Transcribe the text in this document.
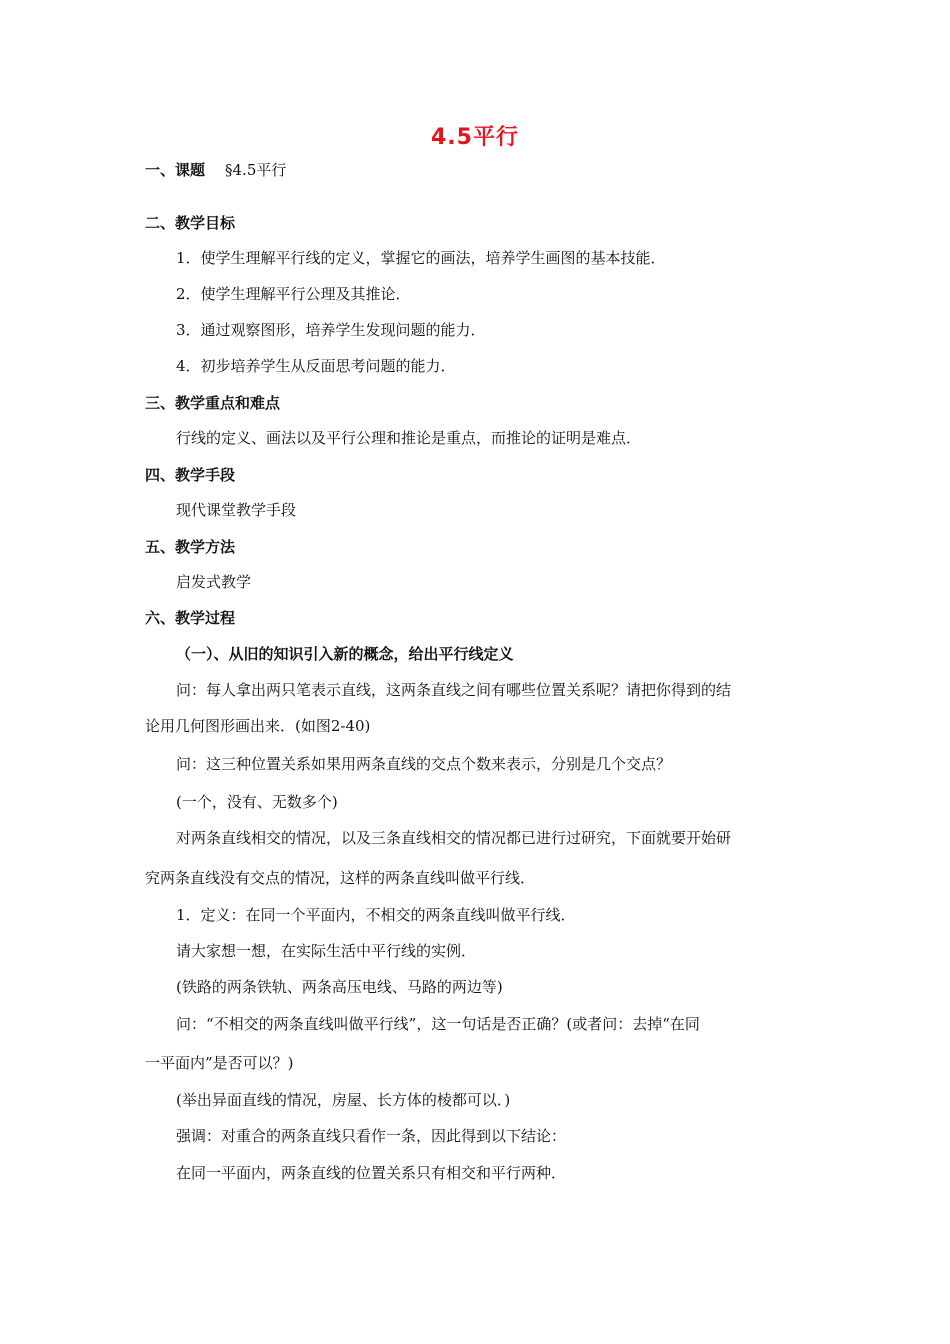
4.5平行
一、课题 §4.5平行
二、教学目标
1．使学生理解平行线的定义，掌握它的画法，培养学生画图的基本技能．
2．使学生理解平行公理及其推论．
3．通过观察图形，培养学生发现问题的能力．
4．初步培养学生从反面思考问题的能力．
三、教学重点和难点
行线的定义、画法以及平行公理和推论是重点，而推论的证明是难点．
四、教学手段
现代课堂教学手段
五、教学方法
启发式教学
六、教学过程
（一）、从旧的知识引入新的概念，给出平行线定义
问：每人拿出两只笔表示直线，这两条直线之间有哪些位置关系呢？请把你得到的结
论用几何图形画出来．(如图2-40)
问：这三种位置关系如果用两条直线的交点个数来表示，分别是几个交点？
(一个，没有、无数多个)
对两条直线相交的情况，以及三条直线相交的情况都已进行过研究，下面就要开始研
究两条直线没有交点的情况，这样的两条直线叫做平行线．
1．定义：在同一个平面内，不相交的两条直线叫做平行线．
请大家想一想，在实际生活中平行线的实例．
(铁路的两条铁轨、两条高压电线、马路的两边等)
问：“不相交的两条直线叫做平行线”，这一句话是否正确？(或者问：去掉“在同
一平面内”是否可以？)
(举出异面直线的情况，房屋、长方体的棱都可以．)
强调：对重合的两条直线只看作一条，因此得到以下结论：
在同一平面内，两条直线的位置关系只有相交和平行两种．
